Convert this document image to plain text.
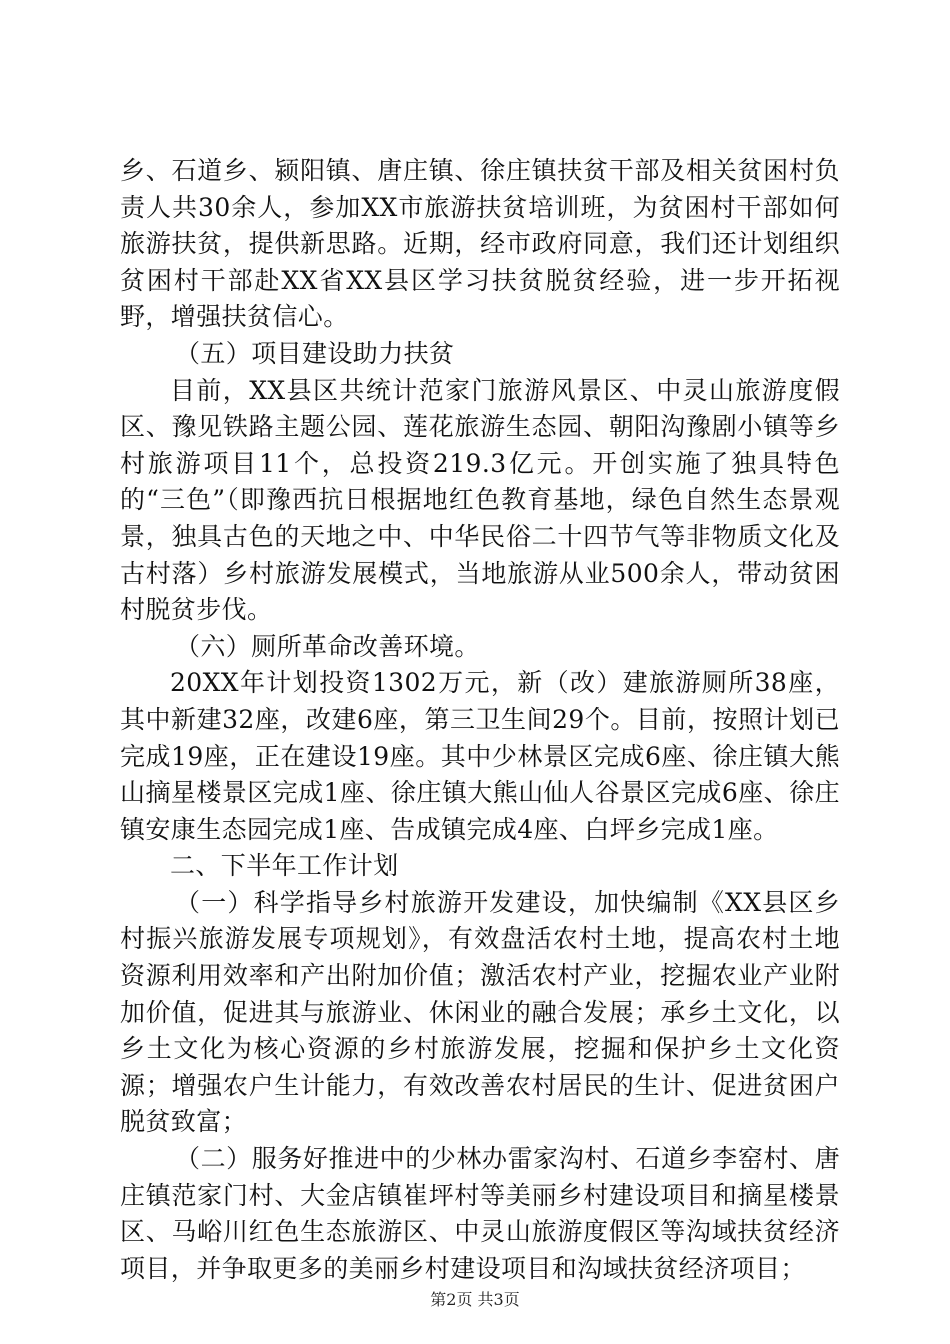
乡、石道乡、颍阳镇、唐庄镇、徐庄镇扶贫干部及相关贫困村负责人共30余人，参加XX市旅游扶贫培训班，为贫困村干部如何旅游扶贫，提供新思路。近期，经市政府同意，我们还计划组织贫困村干部赴XX省XX县区学习扶贫脱贫经验，进一步开拓视野，增强扶贫信心。

（五）项目建设助力扶贫

目前，XX县区共统计范家门旅游风景区、中灵山旅游度假区、豫见铁路主题公园、莲花旅游生态园、朝阳沟豫剧小镇等乡村旅游项目11个，总投资219.3亿元。开创实施了独具特色的“三色”（即豫西抗日根据地红色教育基地，绿色自然生态景观景，独具古色的天地之中、中华民俗二十四节气等非物质文化及古村落）乡村旅游发展模式，当地旅游从业500余人，带动贫困村脱贫步伐。

（六）厕所革命改善环境。

20XX年计划投资1302万元，新（改）建旅游厕所38座，其中新建32座，改建6座，第三卫生间29个。目前，按照计划已完成19座，正在建设19座。其中少林景区完成6座、徐庄镇大熊山摘星楼景区完成1座、徐庄镇大熊山仙人谷景区完成6座、徐庄镇安康生态园完成1座、告成镇完成4座、白坪乡完成1座。

二、下半年工作计划

（一）科学指导乡村旅游开发建设，加快编制《XX县区乡村振兴旅游发展专项规划》，有效盘活农村土地，提高农村土地资源利用效率和产出附加价值；激活农村产业，挖掘农业产业附加价值，促进其与旅游业、休闲业的融合发展；承乡土文化，以乡土文化为核心资源的乡村旅游发展，挖掘和保护乡土文化资源；增强农户生计能力，有效改善农村居民的生计、促进贫困户脱贫致富；

（二）服务好推进中的少林办雷家沟村、石道乡李窑村、唐庄镇范家门村、大金店镇崔坪村等美丽乡村建设项目和摘星楼景区、马峪川红色生态旅游区、中灵山旅游度假区等沟域扶贫经济项目，并争取更多的美丽乡村建设项目和沟域扶贫经济项目；

第2页 共3页
